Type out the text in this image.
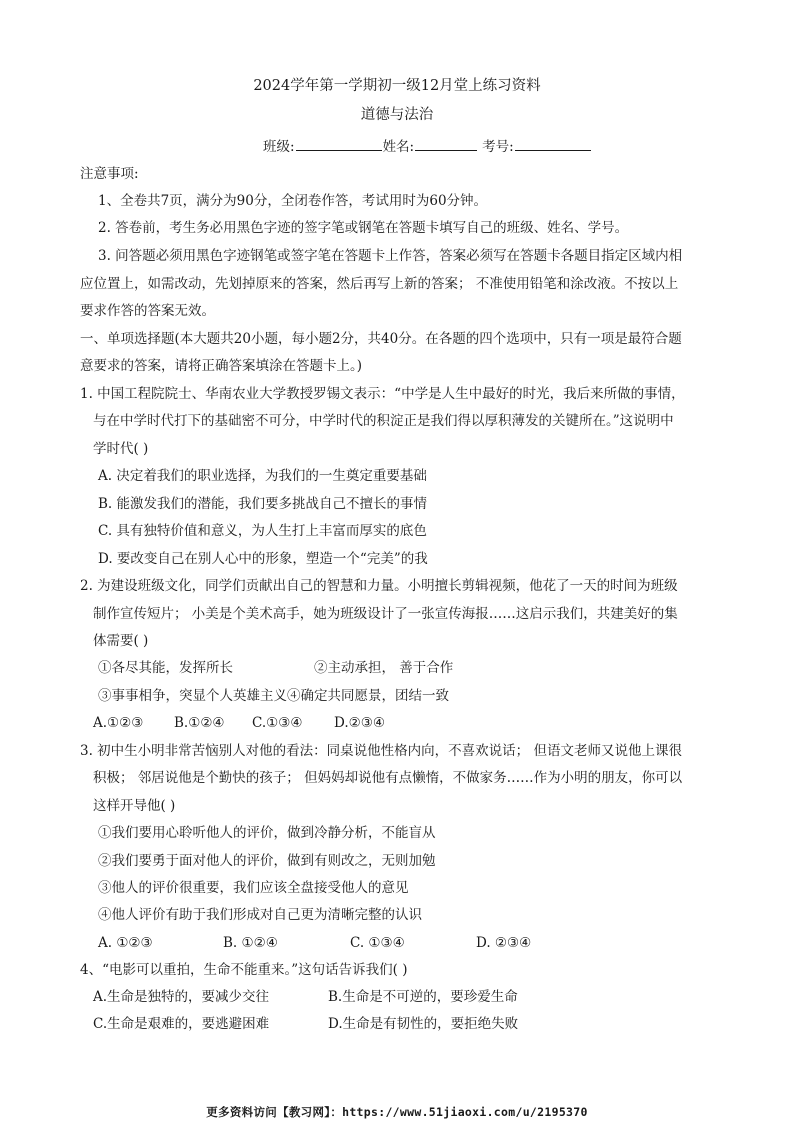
2024学年第一学期初一级12月堂上练习资料
道德与法治
班级:	姓名:	考号:
注意事项:
1、全卷共7页，满分为90分，全闭卷作答，考试用时为60分钟。
2. 答卷前，考生务必用黑色字迹的签字笔或钢笔在答题卡填写自己的班级、姓名、学号。
3. 问答题必须用黑色字迹钢笔或签字笔在答题卡上作答，答案必须写在答题卡各题目指定区域内相
应位置上，如需改动，先划掉原来的答案，然后再写上新的答案； 不准使用铅笔和涂改液。不按以上
要求作答的答案无效。
一、单项选择题(本大题共20小题，每小题2分，共40分。在各题的四个选项中，只有一项是最符合题
意要求的答案，请将正确答案填涂在答题卡上。)
1. 中国工程院院士、华南农业大学教授罗锡文表示：“中学是人生中最好的时光，我后来所做的事情，
与在中学时代打下的基础密不可分，中学时代的积淀正是我们得以厚积薄发的关键所在。”这说明中
学时代( )
A. 决定着我们的职业选择，为我们的一生奠定重要基础
B. 能激发我们的潜能，我们要多挑战自己不擅长的事情
C. 具有独特价值和意义，为人生打上丰富而厚实的底色
D. 要改变自己在别人心中的形象，塑造一个“完美”的我
2. 为建设班级文化，同学们贡献出自己的智慧和力量。小明擅长剪辑视频，他花了一天的时间为班级
制作宣传短片； 小美是个美术高手，她为班级设计了一张宣传海报……这启示我们，共建美好的集
体需要( )
①各尽其能，发挥所长	②主动承担， 善于合作
③事事相争，突显个人英雄主义④确定共同愿景，团结一致
A.①②③ B.①②④ C.①③④ D.②③④
3. 初中生小明非常苦恼别人对他的看法：同桌说他性格内向，不喜欢说话； 但语文老师又说他上课很
积极； 邻居说他是个勤快的孩子； 但妈妈却说他有点懒惰，不做家务……作为小明的朋友，你可以
这样开导他( )
①我们要用心聆听他人的评价，做到冷静分析，不能盲从
②我们要勇于面对他人的评价，做到有则改之，无则加勉
③他人的评价很重要，我们应该全盘接受他人的意见
④他人评价有助于我们形成对自己更为清晰完整的认识
A. ①②③	B. ①②④	C. ①③④	D. ②③④
4、“电影可以重拍，生命不能重来。”这句话告诉我们( )
A.生命是独特的，要减少交往	B.生命是不可逆的，要珍爱生命
C.生命是艰难的，要逃避困难	D.生命是有韧性的，要拒绝失败
更多资料访问【教习网】：https://www.51jiaoxi.com/u/2195370
